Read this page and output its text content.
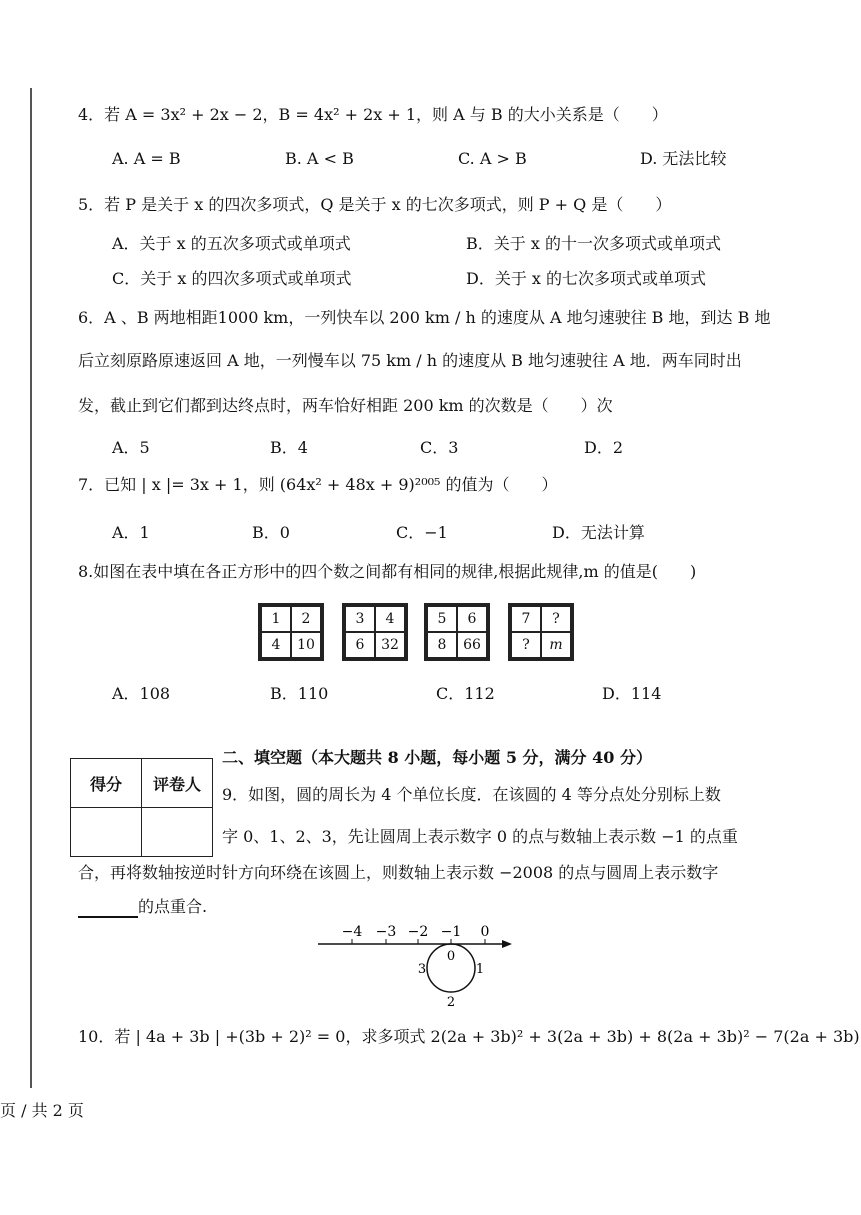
4．若 A = 3x² + 2x − 2，B = 4x² + 2x + 1，则 A 与 B 的大小关系是（　　）
A. A = B	B. A < B	C. A > B	D. 无法比较
5．若 P 是关于 x 的四次多项式，Q 是关于 x 的七次多项式，则 P + Q 是（　　）
A．关于 x 的五次多项式或单项式	B．关于 x 的十一次多项式或单项式
C．关于 x 的四次多项式或单项式	D．关于 x 的七次多项式或单项式
6．A 、B 两地相距1000 km，一列快车以 200 km / h 的速度从 A 地匀速驶往 B 地，到达 B 地
后立刻原路原速返回 A 地，一列慢车以 75 km / h 的速度从 B 地匀速驶往 A 地．两车同时出
发，截止到它们都到达终点时，两车恰好相距 200 km 的次数是（　　）次
A．5	B．4	C．3	D．2
7．已知 | x |= 3x + 1，则 (64x² + 48x + 9)²⁰⁰⁵ 的值为（　　）
A．1	B．0	C．−1	D．无法计算
8.如图在表中填在各正方形中的四个数之间都有相同的规律,根据此规律,m 的值是(　　)
1	2
4	10
3	4
6	32
5	6
8	66
7	?
?	m
A．108	B．110	C．112	D．114
二、填空题（本大题共 8 小题，每小题 5 分，满分 40 分）
得分	评卷人

9．如图，圆的周长为 4 个单位长度．在该圆的 4 等分点处分别标上数
字 0、1、2、3，先让圆周上表示数字 0 的点与数轴上表示数 −1 的点重
合，再将数轴按逆时针方向环绕在该圆上，则数轴上表示数 −2008 的点与圆周上表示数字
的点重合.
−4 −3 −2 −1 0
0
1
2
3
10．若 | 4a + 3b | +(3b + 2)² = 0，求多项式 2(2a + 3b)² + 3(2a + 3b) + 8(2a + 3b)² − 7(2a + 3b)
页 / 共 2 页
